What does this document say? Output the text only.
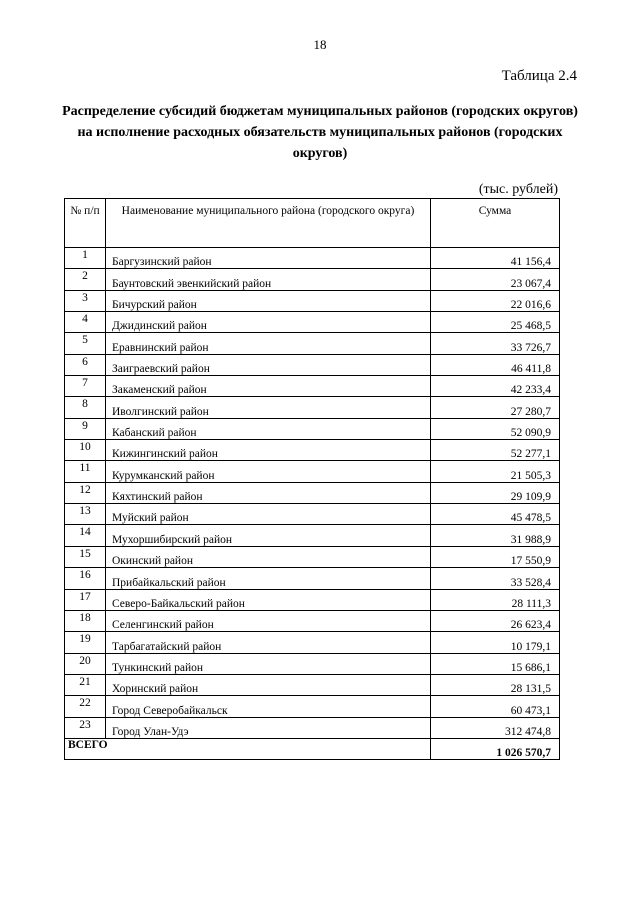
18
Таблица 2.4
Распределение субсидий бюджетам муниципальных районов (городских округов) на исполнение расходных обязательств муниципальных районов (городских округов)
(тыс. рублей)
№ п/п	Наименование муниципального района (городского округа)	Сумма
1	Баргузинский район	41 156,4
2	Баунтовский эвенкийский район	23 067,4
3	Бичурский район	22 016,6
4	Джидинский район	25 468,5
5	Еравнинский район	33 726,7
6	Заиграевский район	46 411,8
7	Закаменский район	42 233,4
8	Иволгинский район	27 280,7
9	Кабанский район	52 090,9
10	Кижингинский район	52 277,1
11	Курумканский район	21 505,3
12	Кяхтинский район	29 109,9
13	Муйский район	45 478,5
14	Мухоршибирский район	31 988,9
15	Окинский район	17 550,9
16	Прибайкальский район	33 528,4
17	Северо-Байкальский район	28 111,3
18	Селенгинский район	26 623,4
19	Тарбагатайский район	10 179,1
20	Тункинский район	15 686,1
21	Хоринский район	28 131,5
22	Город Северобайкальск	60 473,1
23	Город Улан-Удэ	312 474,8
ВСЕГО		1 026 570,7
